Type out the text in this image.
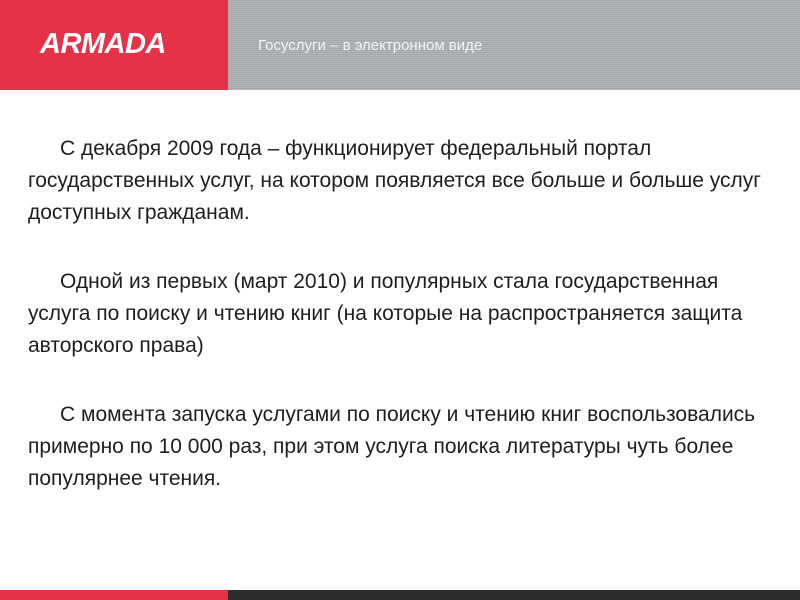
ARMADA	Госуслуги – в электронном виде

С декабря 2009 года – функционирует федеральный портал государственных услуг, на котором появляется все больше и больше услуг доступных гражданам.

Одной из первых (март 2010) и популярных стала государственная услуга по поиску и чтению книг (на которые на распространяется защита авторского права)

С момента запуска услугами по поиску и чтению книг воспользовались примерно по 10 000 раз, при этом услуга поиска литературы чуть более популярнее чтения.
